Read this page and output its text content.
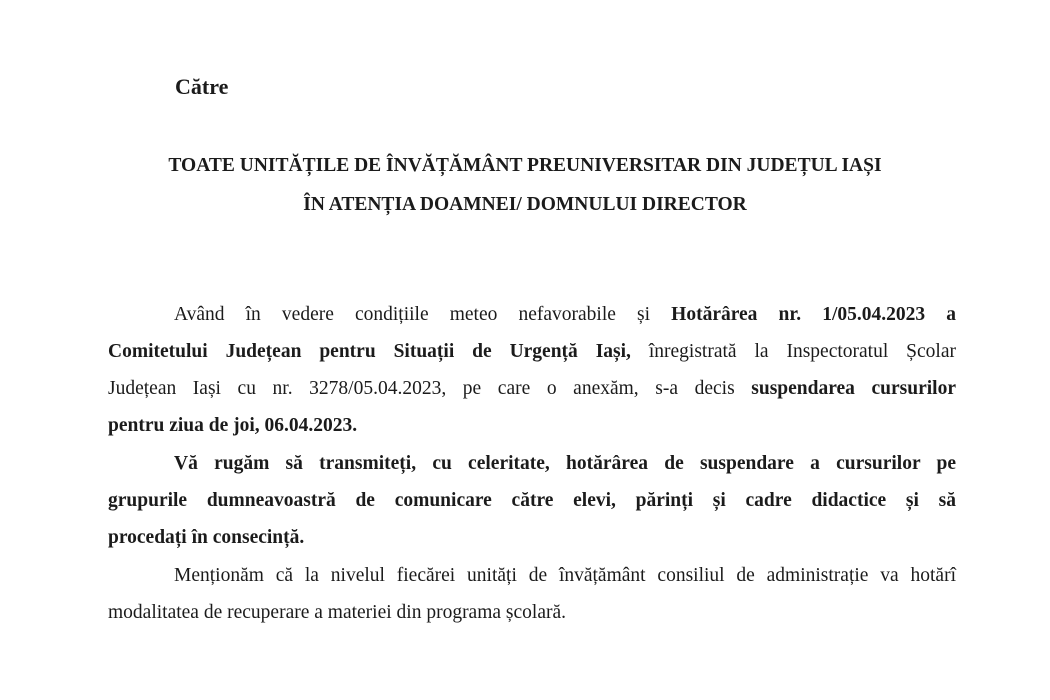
Către
TOATE UNITĂȚILE DE ÎNVĂȚĂMÂNT PREUNIVERSITAR DIN JUDEȚUL IAȘI
ÎN ATENȚIA DOAMNEI/ DOMNULUI DIRECTOR
Având în vedere condițiile meteo nefavorabile și Hotărârea nr. 1/05.04.2023 a
Comitetului Județean pentru Situații de Urgență Iași, înregistrată la Inspectoratul Școlar
Județean Iași cu nr. 3278/05.04.2023, pe care o anexăm, s-a decis suspendarea cursurilor
pentru ziua de joi, 06.04.2023.
Vă rugăm să transmiteți, cu celeritate, hotărârea de suspendare a cursurilor pe
grupurile dumneavoastră de comunicare către elevi, părinți și cadre didactice și să
procedați în consecință.
Menționăm că la nivelul fiecărei unități de învățământ consiliul de administrație va hotărî
modalitatea de recuperare a materiei din programa școlară.
